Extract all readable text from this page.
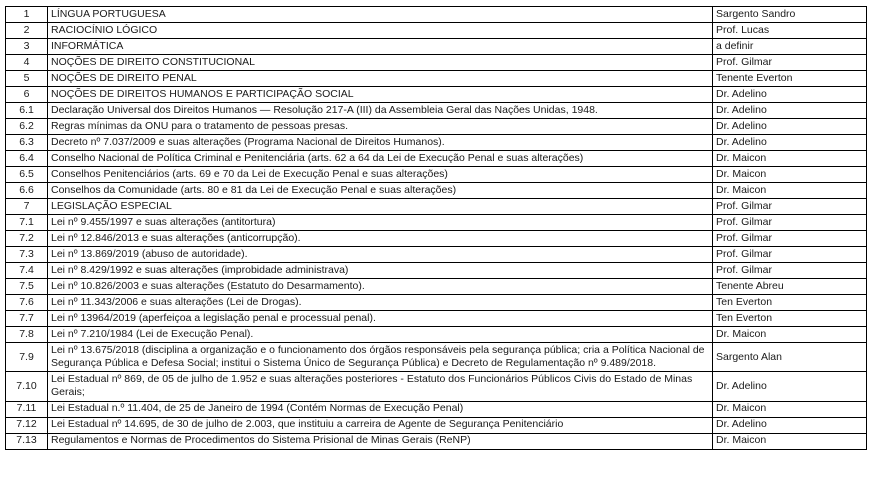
1	LÍNGUA PORTUGUESA	Sargento Sandro
2	RACIOCÍNIO LÓGICO	Prof. Lucas
3	INFORMÁTICA	a definir
4	NOÇÕES DE DIREITO CONSTITUCIONAL	Prof. Gilmar
5	NOÇÕES DE DIREITO PENAL	Tenente Everton
6	NOÇÕES DE DIREITOS HUMANOS E PARTICIPAÇÃO SOCIAL	Dr. Adelino
6.1	Declaração Universal dos Direitos Humanos — Resolução 217-A (III) da Assembleia Geral das Nações Unidas, 1948.	Dr. Adelino
6.2	Regras mínimas da ONU para o tratamento de pessoas presas.	Dr. Adelino
6.3	Decreto nº 7.037/2009 e suas alterações (Programa Nacional de Direitos Humanos).	Dr. Adelino
6.4	Conselho Nacional de Política Criminal e Penitenciária (arts. 62 a 64 da Lei de Execução Penal e suas alterações)	Dr. Maicon
6.5	Conselhos Penitenciários (arts. 69 e 70 da Lei de Execução Penal e suas alterações)	Dr. Maicon
6.6	Conselhos da Comunidade (arts. 80 e 81 da Lei de Execução Penal e suas alterações)	Dr. Maicon
7	LEGISLAÇÃO ESPECIAL	Prof. Gilmar
7.1	Lei nº 9.455/1997 e suas alterações (antitortura)	Prof. Gilmar
7.2	Lei nº 12.846/2013 e suas alterações (anticorrupção).	Prof. Gilmar
7.3	Lei nº 13.869/2019 (abuso de autoridade).	Prof. Gilmar
7.4	Lei nº 8.429/1992 e suas alterações (improbidade administrava)	Prof. Gilmar
7.5	Lei nº 10.826/2003 e suas alterações (Estatuto do Desarmamento).	Tenente Abreu
7.6	Lei nº 11.343/2006 e suas alterações (Lei de Drogas).	Ten Everton
7.7	Lei nº 13964/2019 (aperfeiçoa a legislação penal e processual penal).	Ten Everton
7.8	Lei nº 7.210/1984 (Lei de Execução Penal).	Dr. Maicon
7.9	Lei nº 13.675/2018 (disciplina a organização e o funcionamento dos órgãos responsáveis pela segurança pública; cria a Política Nacional de Segurança Pública e Defesa Social; institui o Sistema Único de Segurança Pública) e Decreto de Regulamentação nº 9.489/2018.	Sargento Alan
7.10	Lei Estadual nº 869, de 05 de julho de 1.952 e suas alterações posteriores - Estatuto dos Funcionários Públicos Civis do Estado de Minas Gerais;	Dr. Adelino
7.11	Lei Estadual n.º 11.404, de 25 de Janeiro de 1994 (Contém Normas de Execução Penal)	Dr. Maicon
7.12	Lei Estadual nº 14.695, de 30 de julho de 2.003, que instituiu a carreira de Agente de Segurança Penitenciário	Dr. Adelino
7.13	Regulamentos e Normas de Procedimentos do Sistema Prisional de Minas Gerais (ReNP)	Dr. Maicon
